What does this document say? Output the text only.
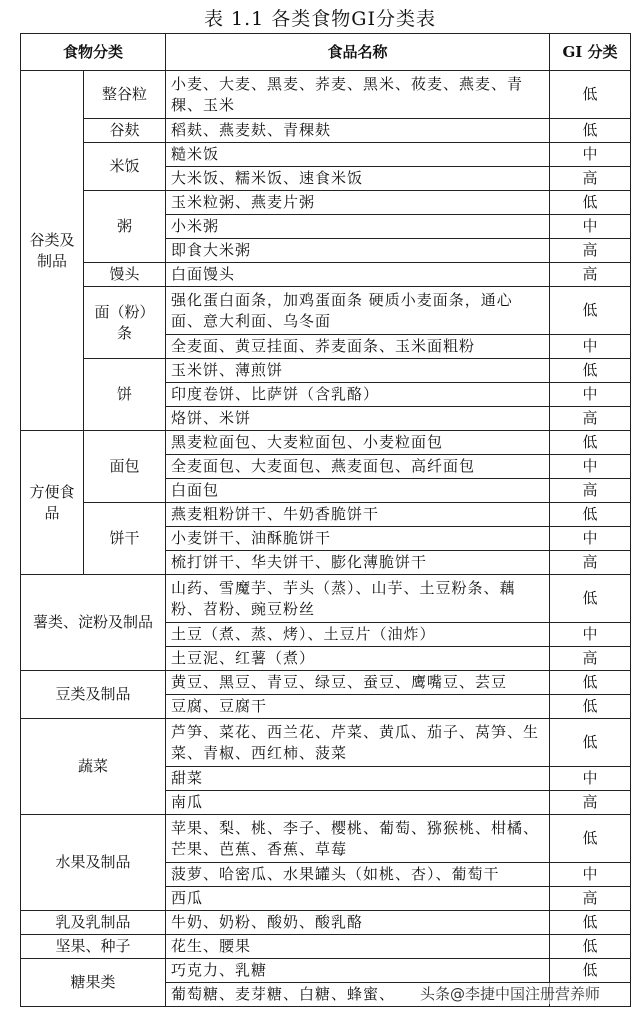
表 1.1 各类食物GI分类表
食物分类		食品名称	GI 分类
谷类及制品	整谷粒	小麦、大麦、黑麦、荞麦、黑米、莜麦、燕麦、青稞、玉米	低
	谷麸	稻麸、燕麦麸、青稞麸	低
	米饭	糙米饭	中
		大米饭、糯米饭、速食米饭	高
	粥	玉米粒粥、燕麦片粥	低
		小米粥	中
		即食大米粥	高
	馒头	白面馒头	高
	面（粉）条	强化蛋白面条，加鸡蛋面条 硬质小麦面条，通心面、意大利面、乌冬面	低
		全麦面、黄豆挂面、荞麦面条、玉米面粗粉	中
	饼	玉米饼、薄煎饼	低
		印度卷饼、比萨饼（含乳酪）	中
		烙饼、米饼	高
方便食品	面包	黑麦粒面包、大麦粒面包、小麦粒面包	低
		全麦面包、大麦面包、燕麦面包、高纤面包	中
		白面包	高
	饼干	燕麦粗粉饼干、牛奶香脆饼干	低
		小麦饼干、油酥脆饼干	中
		梳打饼干、华夫饼干、膨化薄脆饼干	高
薯类、淀粉及制品		山药、雪魔芋、芋头（蒸）、山芋、土豆粉条、藕粉、苕粉、豌豆粉丝	低
		土豆（煮、蒸、烤）、土豆片（油炸）	中
		土豆泥、红薯（煮）	高
豆类及制品		黄豆、黑豆、青豆、绿豆、蚕豆、鹰嘴豆、芸豆	低
		豆腐、豆腐干	低
蔬菜		芦笋、菜花、西兰花、芹菜、黄瓜、茄子、莴笋、生菜、青椒、西红柿、菠菜	低
		甜菜	中
		南瓜	高
水果及制品		苹果、梨、桃、李子、樱桃、葡萄、猕猴桃、柑橘、芒果、芭蕉、香蕉、草莓	低
		菠萝、哈密瓜、水果罐头（如桃、杏）、葡萄干	中
		西瓜	高
乳及乳制品		牛奶、奶粉、酸奶、酸乳酪	低
坚果、种子		花生、腰果	低
糖果类		巧克力、乳糖	低
		葡萄糖、麦芽糖、白糖、蜂蜜、	头条@李捷中国注册营养师
